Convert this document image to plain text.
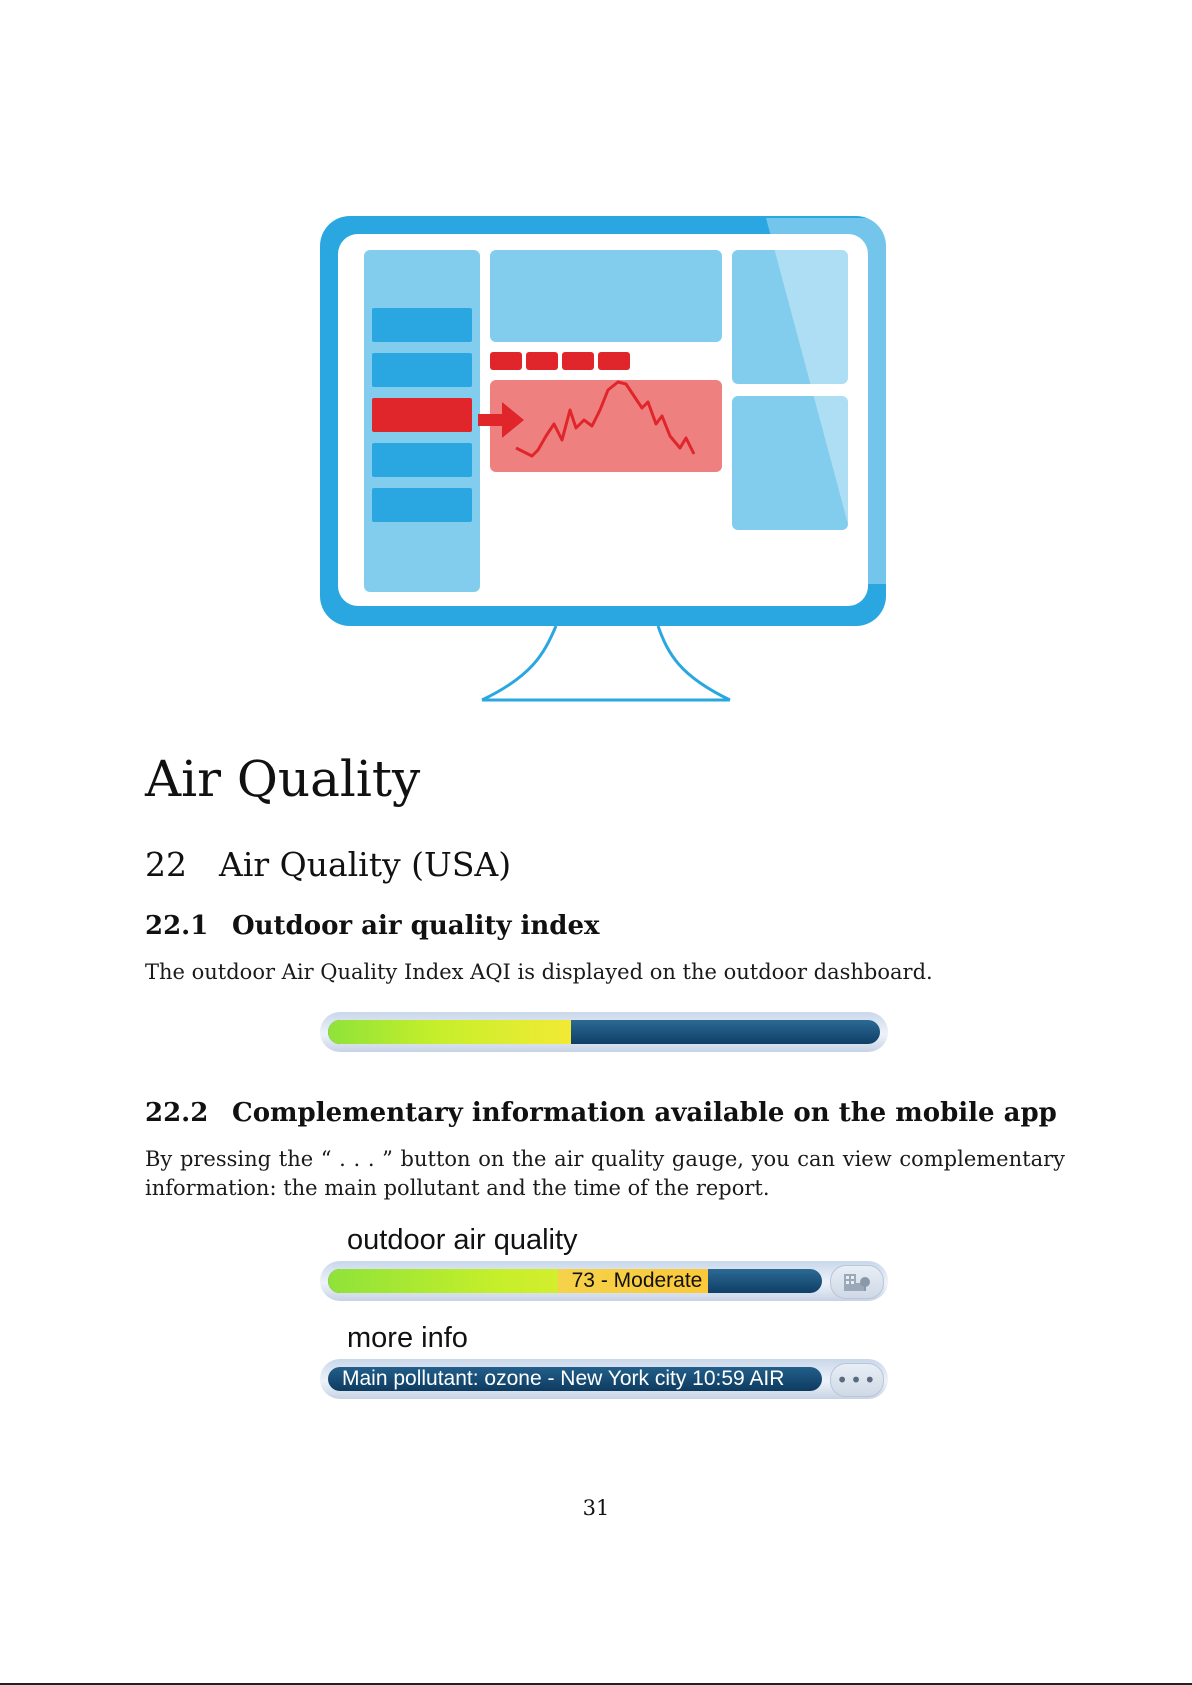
Air Quality
22 Air Quality (USA)
22.1 Outdoor air quality index
The outdoor Air Quality Index AQI is displayed on the outdoor dashboard.
22.2 Complementary information available on the mobile app
By pressing the “ . . . ” button on the air quality gauge, you can view complementary information: the main pollutant and the time of the report.
outdoor air quality
73 - Moderate
more info
Main pollutant: ozone - New York city 10:59 AIR	•••
31
